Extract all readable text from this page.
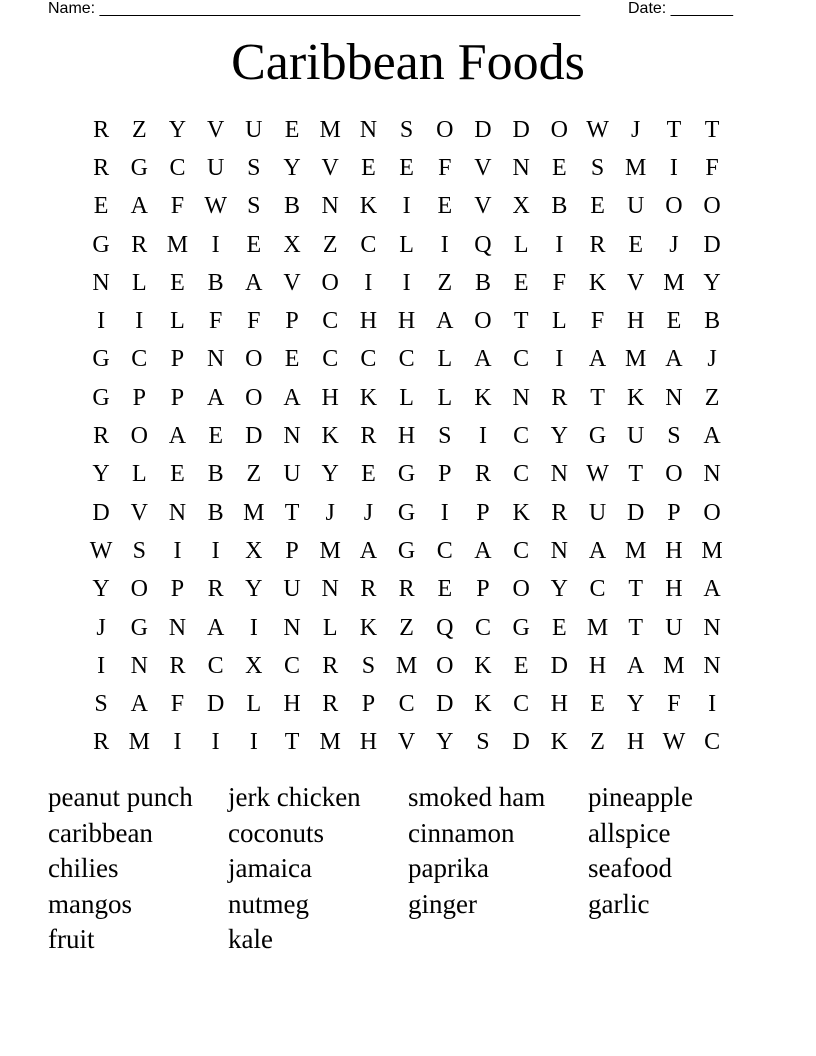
Name: ______________________________________________________	Date: _______
Caribbean Foods
R Z Y V U E M N S O D D O W J	T T
R G C U S Y V E E	F V N E	S M I	F
E A F W S B N K	I	E V X B E U O O
G R M I	E X Z C L	I	Q L	I	R E	J	D
N L E B A V O	I	I	Z B E	F K V M Y
I	I	L	F	F	P C H H A O T L	F H E B
G C P N O E C C C L A C	I	A M A	J
G P	P A O A H K L L K N R T K N Z
R O A E D N K R H S	I	C Y G U S A
Y L E B Z U Y E G P R C N W T O N
D V N B M T	J	J	G	I	P K R U D P O
W S	I	I	X P M A G C A C N A M H M
Y O P R Y U N R R E	P O Y C T H A
J	G N A	I	N L K Z Q C G E M T U N
I	N R C X C R S M O K E D H A M N
S A F D L H R P C D K C H E Y F	I
R M I	I	I	T M H V Y S D K Z H W C
peanut punch	jerk chicken	smoked ham	pineapple
caribbean	coconuts	cinnamon	allspice
chilies	jamaica	paprika	seafood
mangos	nutmeg	ginger	garlic
fruit	kale
